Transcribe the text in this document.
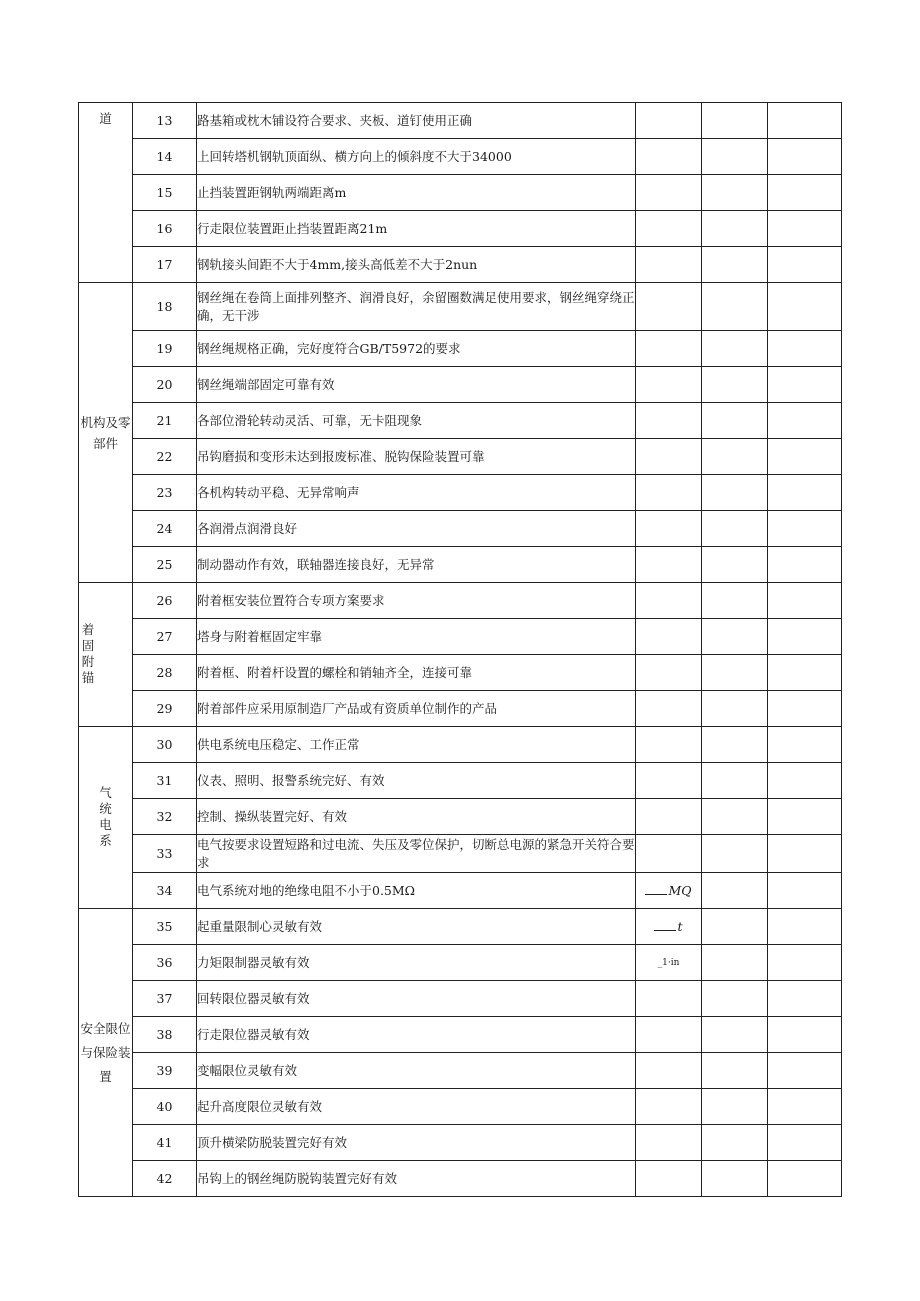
道	13	路基箱或枕木铺设符合要求、夹板、道钉使用正确			
	14	上回转塔机钢轨顶面纵、横方向上的倾斜度不大于34000			
	15	止挡装置距钢轨两端距离m			
	16	行走限位装置距止挡装置距离21m			
	17	钢轨接头间距不大于4mm,接头高低差不大于2nun			
机构及零部件	18	钢丝绳在卷筒上面排列整齐、润滑良好，余留圈数满足使用要求，钢丝绳穿绕正确，无干涉			
	19	钢丝绳规格正确，完好度符合GB/T5972的要求			
	20	钢丝绳端部固定可靠有效			
	21	各部位滑轮转动灵活、可靠，无卡阻现象			
	22	吊钩磨损和变形未达到报废标准、脱钩保险装置可靠			
	23	各机构转动平稳、无异常响声			
	24	各润滑点润滑良好			
	25	制动器动作有效，联轴器连接良好，无异常			
着固附锚	26	附着框安装位置符合专项方案要求			
	27	塔身与附着框固定牢靠			
	28	附着框、附着杆设置的螺栓和销轴齐全，连接可靠			
	29	附着部件应采用原制造厂产品或有资质单位制作的产品			
气统电系	30	供电系统电压稳定、工作正常			
	31	仪表、照明、报警系统完好、有效			
	32	控制、操纵装置完好、有效			
	33	电气按要求设置短路和过电流、失压及零位保护，切断总电源的紧急开关符合要求			
	34	电气系统对地的绝缘电阻不小于0.5MΩ	MQ		
安全限位与保险装置	35	起重量限制心灵敏有效	t		
	36	力矩限制器灵敏有效	_1·in		
	37	回转限位器灵敏有效			
	38	行走限位器灵敏有效			
	39	变幅限位灵敏有效			
	40	起升高度限位灵敏有效			
	41	顶升横梁防脱装置完好有效			
	42	吊钩上的钢丝绳防脱钩装置完好有效			
